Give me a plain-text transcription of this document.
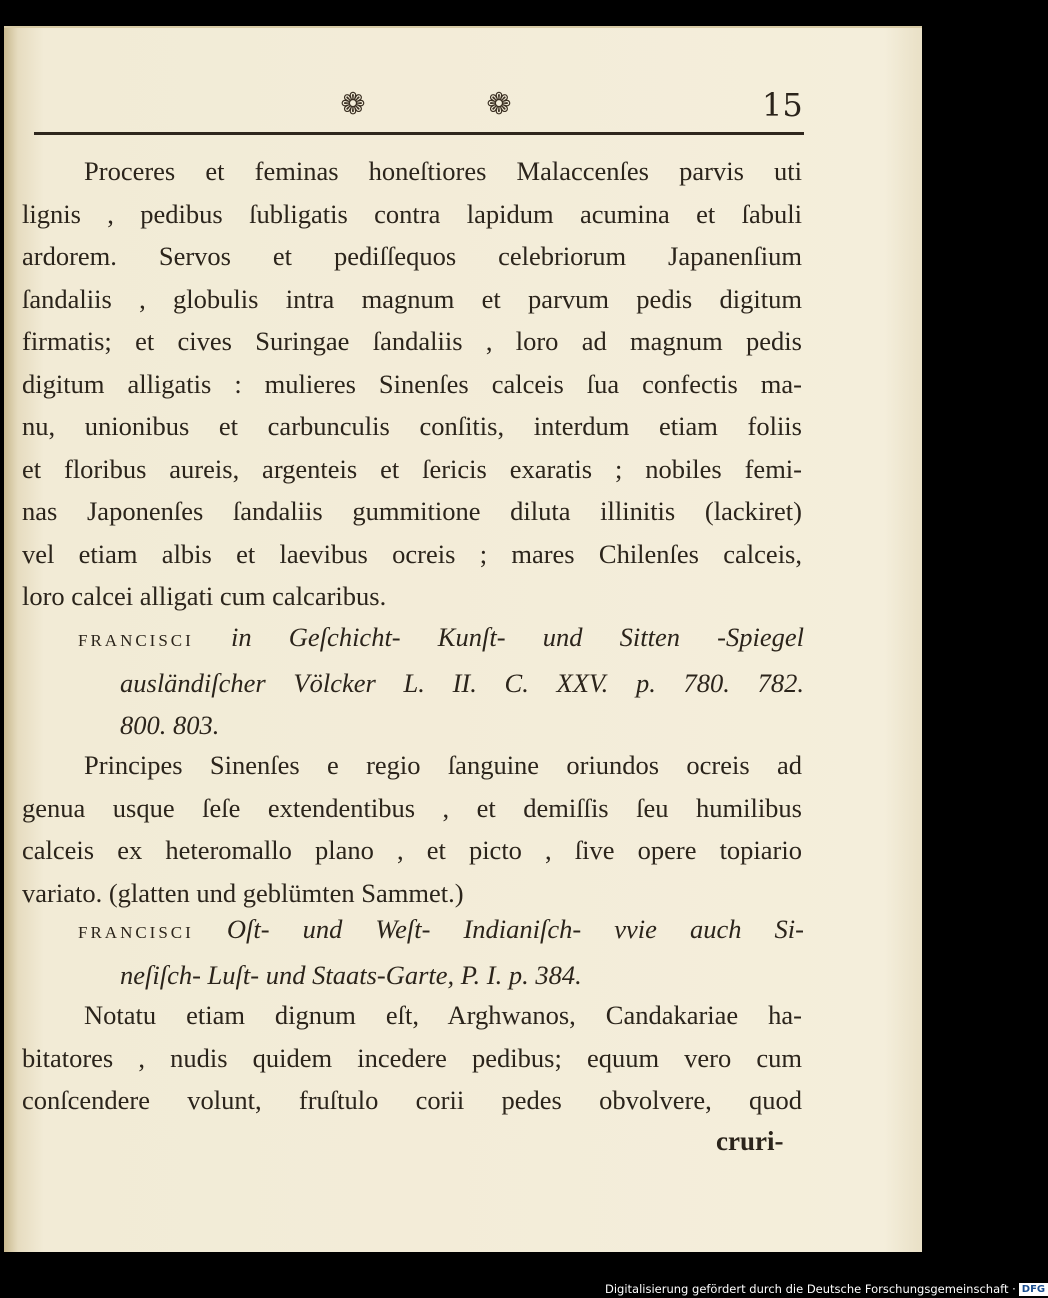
❁	❁	15
Proceres et feminas honeſtiores Malaccenſes parvis uti
lignis , pedibus ſubligatis contra lapidum acumina et ſabuli
ardorem. Servos et pediſſequos celebriorum Japanenſium
ſandaliis , globulis intra magnum et parvum pedis digitum
firmatis; et cives Suringae ſandaliis , loro ad magnum pedis
digitum alligatis : mulieres Sinenſes calceis ſua confectis ma-
nu, unionibus et carbunculis conſitis, interdum etiam foliis
et floribus aureis, argenteis et ſericis exaratis ; nobiles femi-
nas Japonenſes ſandaliis gummitione diluta illinitis (lackiret)
vel etiam albis et laevibus ocreis ; mares Chilenſes calceis,
loro calcei alligati cum calcaribus.
FRANCISCI in Geſchicht- Kunſt- und Sitten -Spiegel
ausländiſcher Völcker L. II. C. XXV. p. 780. 782.
800. 803.
Principes Sinenſes e regio ſanguine oriundos ocreis ad
genua usque ſeſe extendentibus , et demiſſis ſeu humilibus
calceis ex heteromallo plano , et picto , ſive opere topiario
variato. (glatten und geblümten Sammet.)
FRANCISCI Oſt- und Weſt- Indianiſch- vvie auch Si-
neſiſch- Luſt- und Staats-Garte, P. I. p. 384.
Notatu etiam dignum eſt, Arghwanos, Candakariae ha-
bitatores , nudis quidem incedere pedibus; equum vero cum
conſcendere volunt, fruſtulo corii pedes obvolvere, quod
cruri-
Digitalisierung gefördert durch die Deutsche Forschungsgemeinschaft · DFG
